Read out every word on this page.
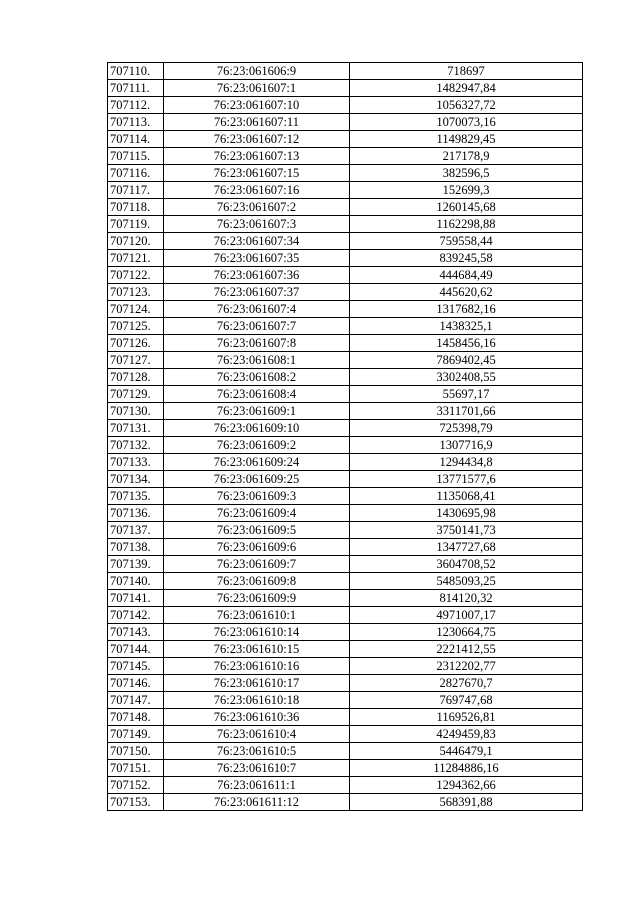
707110.	76:23:061606:9	718697
707111.	76:23:061607:1	1482947,84
707112.	76:23:061607:10	1056327,72
707113.	76:23:061607:11	1070073,16
707114.	76:23:061607:12	1149829,45
707115.	76:23:061607:13	217178,9
707116.	76:23:061607:15	382596,5
707117.	76:23:061607:16	152699,3
707118.	76:23:061607:2	1260145,68
707119.	76:23:061607:3	1162298,88
707120.	76:23:061607:34	759558,44
707121.	76:23:061607:35	839245,58
707122.	76:23:061607:36	444684,49
707123.	76:23:061607:37	445620,62
707124.	76:23:061607:4	1317682,16
707125.	76:23:061607:7	1438325,1
707126.	76:23:061607:8	1458456,16
707127.	76:23:061608:1	7869402,45
707128.	76:23:061608:2	3302408,55
707129.	76:23:061608:4	55697,17
707130.	76:23:061609:1	3311701,66
707131.	76:23:061609:10	725398,79
707132.	76:23:061609:2	1307716,9
707133.	76:23:061609:24	1294434,8
707134.	76:23:061609:25	13771577,6
707135.	76:23:061609:3	1135068,41
707136.	76:23:061609:4	1430695,98
707137.	76:23:061609:5	3750141,73
707138.	76:23:061609:6	1347727,68
707139.	76:23:061609:7	3604708,52
707140.	76:23:061609:8	5485093,25
707141.	76:23:061609:9	814120,32
707142.	76:23:061610:1	4971007,17
707143.	76:23:061610:14	1230664,75
707144.	76:23:061610:15	2221412,55
707145.	76:23:061610:16	2312202,77
707146.	76:23:061610:17	2827670,7
707147.	76:23:061610:18	769747,68
707148.	76:23:061610:36	1169526,81
707149.	76:23:061610:4	4249459,83
707150.	76:23:061610:5	5446479,1
707151.	76:23:061610:7	11284886,16
707152.	76:23:061611:1	1294362,66
707153.	76:23:061611:12	568391,88
